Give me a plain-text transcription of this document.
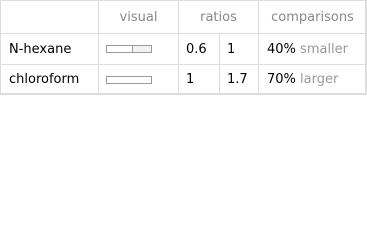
	visual	ratios		comparisons
N-hexane		0.6	1	40% smaller
chloroform		1	1.7	70% larger
